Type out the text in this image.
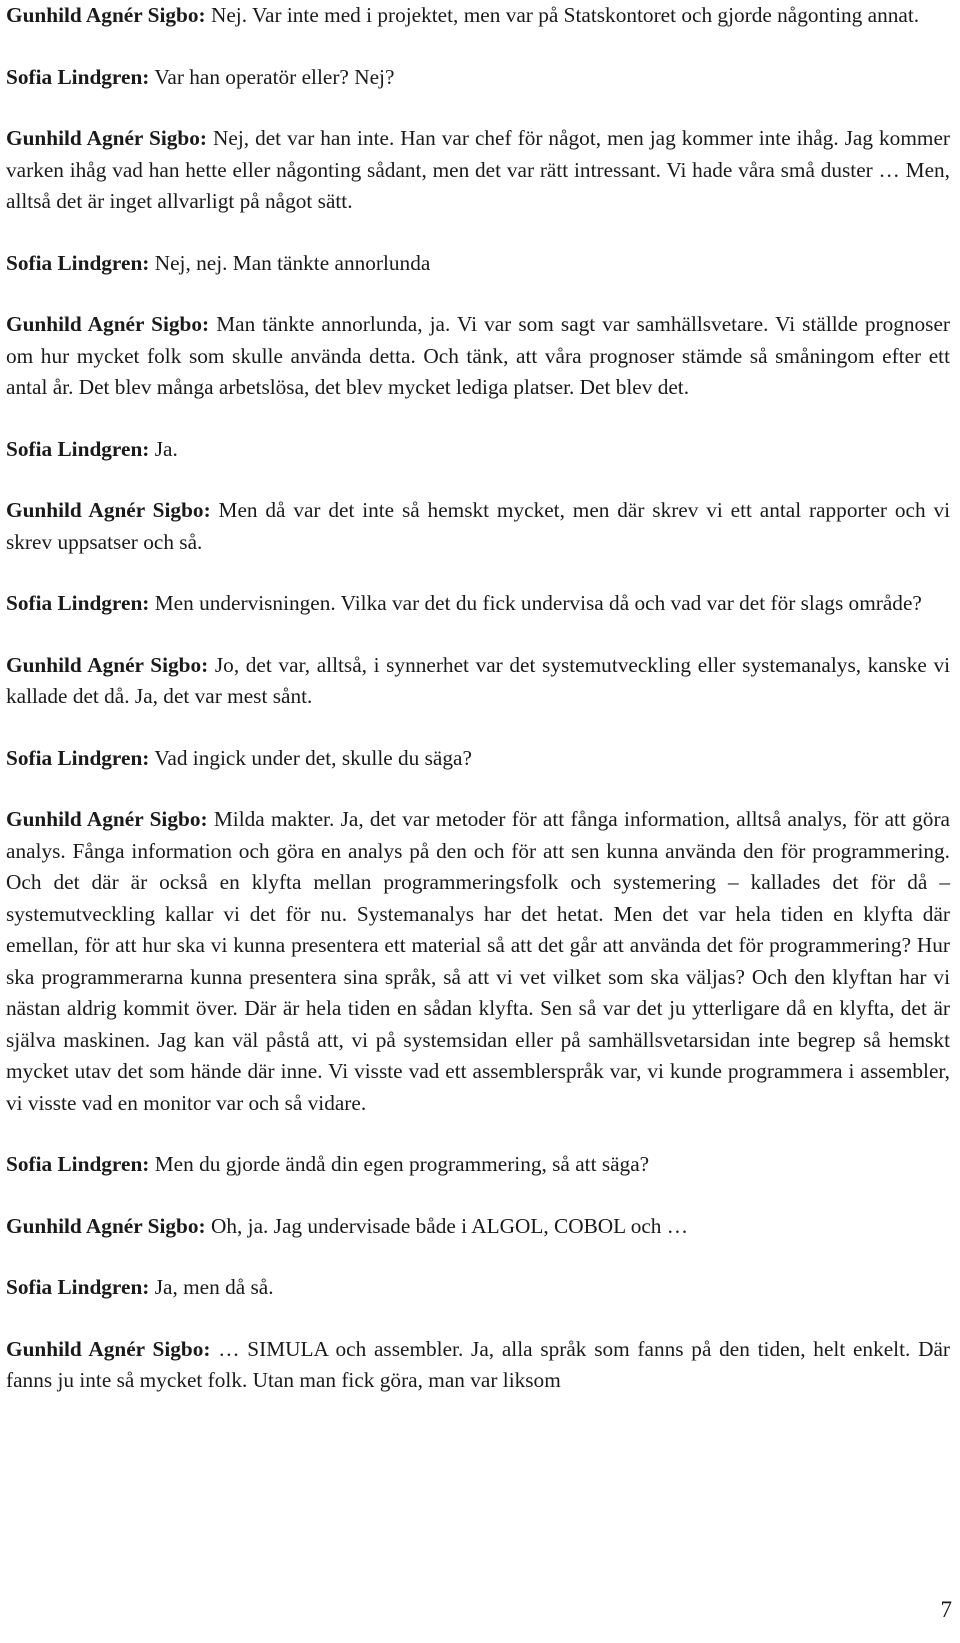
Gunhild Agnér Sigbo: Nej. Var inte med i projektet, men var på Statskontoret och gjorde någonting annat.

Sofia Lindgren: Var han operatör eller? Nej?

Gunhild Agnér Sigbo: Nej, det var han inte. Han var chef för något, men jag kommer inte ihåg. Jag kommer varken ihåg vad han hette eller någonting sådant, men det var rätt intressant. Vi hade våra små duster … Men, alltså det är inget allvarligt på något sätt.

Sofia Lindgren: Nej, nej. Man tänkte annorlunda

Gunhild Agnér Sigbo: Man tänkte annorlunda, ja. Vi var som sagt var samhällsvetare. Vi ställde prognoser om hur mycket folk som skulle använda detta. Och tänk, att våra prognoser stämde så småningom efter ett antal år. Det blev många arbetslösa, det blev mycket lediga platser. Det blev det.

Sofia Lindgren: Ja.

Gunhild Agnér Sigbo: Men då var det inte så hemskt mycket, men där skrev vi ett antal rapporter och vi skrev uppsatser och så.

Sofia Lindgren: Men undervisningen. Vilka var det du fick undervisa då och vad var det för slags område?

Gunhild Agnér Sigbo: Jo, det var, alltså, i synnerhet var det systemutveckling eller systemanalys, kanske vi kallade det då. Ja, det var mest sånt.

Sofia Lindgren: Vad ingick under det, skulle du säga?

Gunhild Agnér Sigbo: Milda makter. Ja, det var metoder för att fånga information, alltså analys, för att göra analys. Fånga information och göra en analys på den och för att sen kunna använda den för programmering. Och det där är också en klyfta mellan programmeringsfolk och systemering – kallades det för då – systemutveckling kallar vi det för nu. Systemanalys har det hetat. Men det var hela tiden en klyfta där emellan, för att hur ska vi kunna presentera ett material så att det går att använda det för programmering? Hur ska programmerarna kunna presentera sina språk, så att vi vet vilket som ska väljas? Och den klyftan har vi nästan aldrig kommit över. Där är hela tiden en sådan klyfta. Sen så var det ju ytterligare då en klyfta, det är själva maskinen. Jag kan väl påstå att, vi på systemsidan eller på samhällsvetarsidan inte begrep så hemskt mycket utav det som hände där inne. Vi visste vad ett assemblerspråk var, vi kunde programmera i assembler, vi visste vad en monitor var och så vidare.

Sofia Lindgren: Men du gjorde ändå din egen programmering, så att säga?

Gunhild Agnér Sigbo: Oh, ja. Jag undervisade både i ALGOL, COBOL och …

Sofia Lindgren: Ja, men då så.

Gunhild Agnér Sigbo: … SIMULA och assembler. Ja, alla språk som fanns på den tiden, helt enkelt. Där fanns ju inte så mycket folk. Utan man fick göra, man var liksom

7
